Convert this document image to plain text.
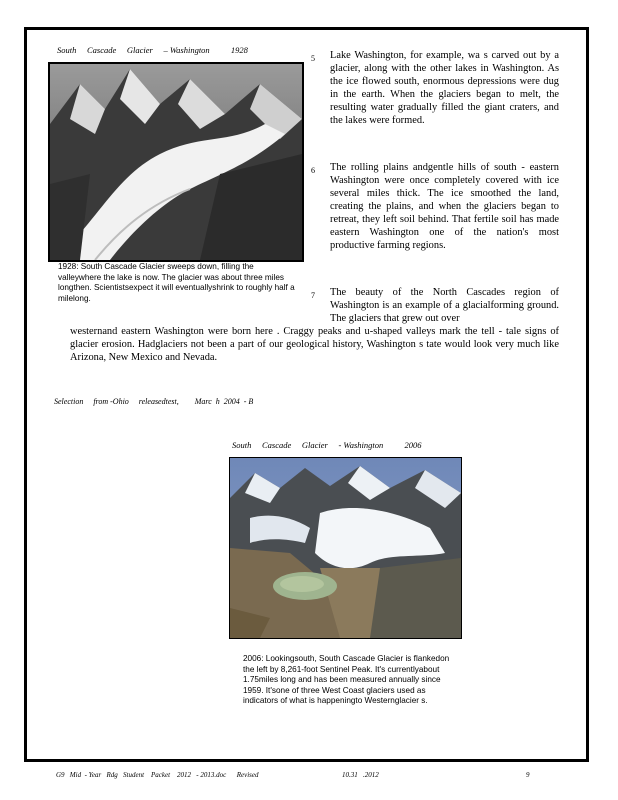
South     Cascade     Glacier     – Washington          1928
1928: South Cascade Glacier sweeps down, filling the valleywhere the lake is now. The glacier was about three miles longthen. Scientistsexpect it will eventuallyshrink to roughly half a milelong.
5 Lake Washington, for example, wa s carved out by a glacier, along with the other lakes in Washington. As the ice flowed south, enormous depressions were dug in the earth. When the glaciers began to melt, the resulting water gradually filled the giant craters, and the lakes were formed.
6 The rolling plains andgentle hills of south - eastern Washington were once completely covered with ice several miles thick. The ice smoothed the land, creating the plains, and when the glaciers began to retreat, they left soil behind. That fertile soil has made eastern Washington one of the nation's most productive farming regions.
7 The beauty of the North Cascades region of Washington is an example of a glacialforming ground. The glaciers that grew out over
westernand eastern Washington were born here . Craggy peaks and u-shaped valleys mark the tell - tale signs of glacier erosion. Hadglaciers not been a part of our geological history, Washington s tate would look very much like Arizona, New Mexico and Nevada.
Selection     from -Ohio     releasedtest,        Marc  h  2004  - B
South     Cascade     Glacier     - Washington          2006
2006: Lookingsouth, South Cascade Glacier is flankedon the left by 8,261-foot Sentinel Peak. It's currentlyabout 1.75miles long and has been measured annually since 1959. It'sone of three West Coast glaciers used as indicators of what is happeningto Westernglacier s.
G9   Mid  - Year   Rdg   Student    Packet    2012   - 2013.doc      Revised	10.31   .2012	9
